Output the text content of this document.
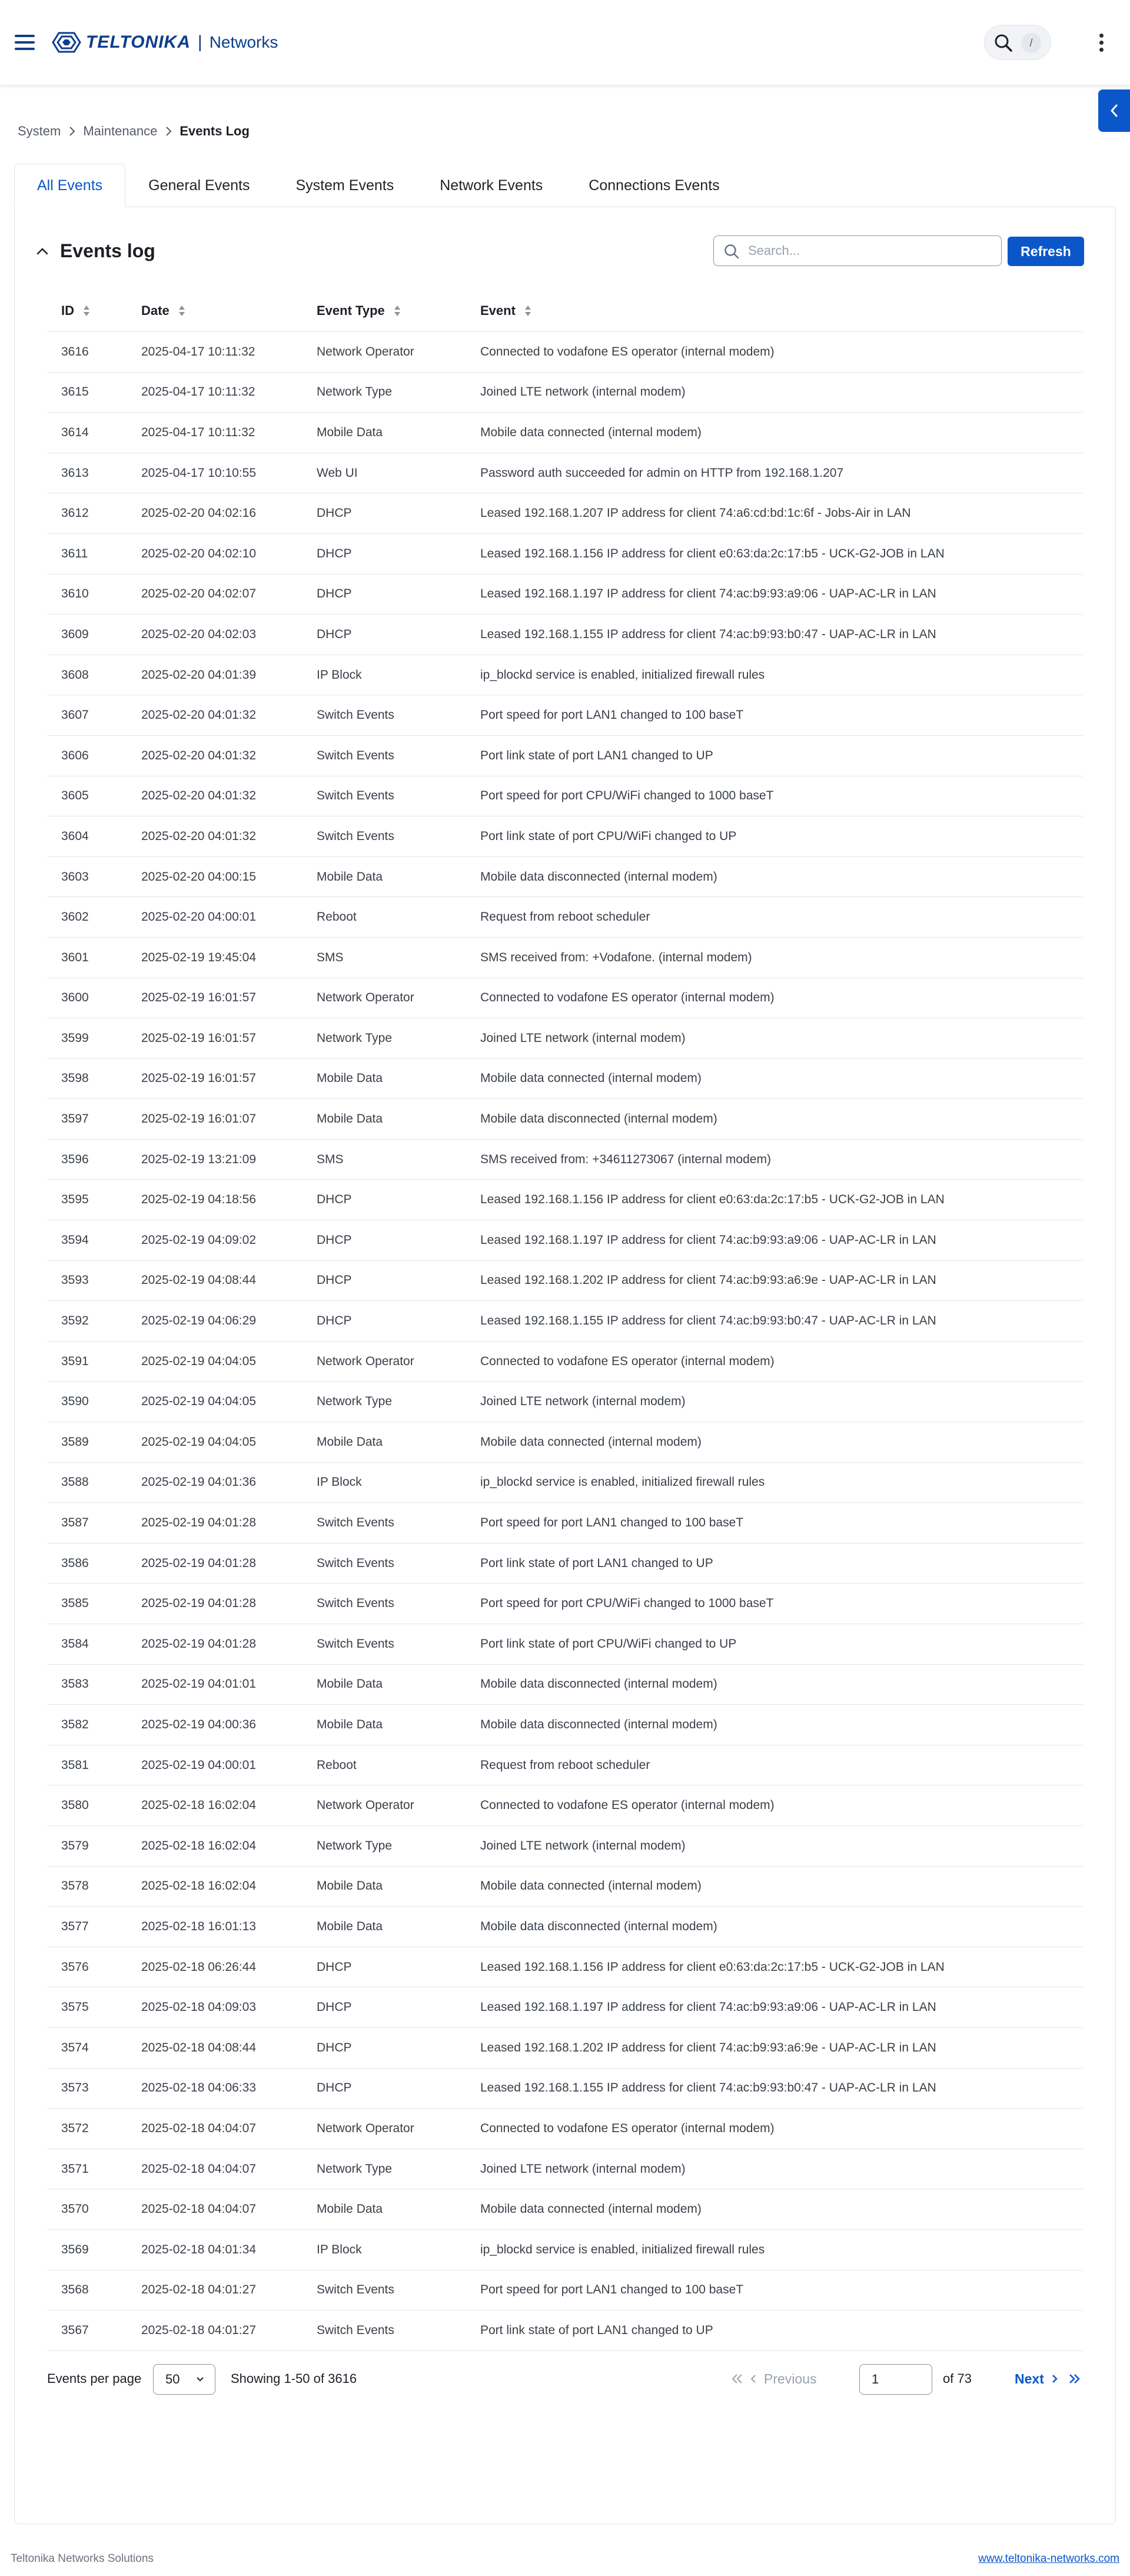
TELTONIKA | Networks	/
System Maintenance Events Log
All Events	General Events	System Events	Network Events	Connections Events
Events log
Search...	Refresh
ID	Date	Event Type	Event
3616	2025-04-17 10:11:32	Network Operator	Connected to vodafone ES operator (internal modem)
3615	2025-04-17 10:11:32	Network Type	Joined LTE network (internal modem)
3614	2025-04-17 10:11:32	Mobile Data	Mobile data connected (internal modem)
3613	2025-04-17 10:10:55	Web UI	Password auth succeeded for admin on HTTP from 192.168.1.207
3612	2025-02-20 04:02:16	DHCP	Leased 192.168.1.207 IP address for client 74:a6:cd:bd:1c:6f - Jobs-Air in LAN
3611	2025-02-20 04:02:10	DHCP	Leased 192.168.1.156 IP address for client e0:63:da:2c:17:b5 - UCK-G2-JOB in LAN
3610	2025-02-20 04:02:07	DHCP	Leased 192.168.1.197 IP address for client 74:ac:b9:93:a9:06 - UAP-AC-LR in LAN
3609	2025-02-20 04:02:03	DHCP	Leased 192.168.1.155 IP address for client 74:ac:b9:93:b0:47 - UAP-AC-LR in LAN
3608	2025-02-20 04:01:39	IP Block	ip_blockd service is enabled, initialized firewall rules
3607	2025-02-20 04:01:32	Switch Events	Port speed for port LAN1 changed to 100 baseT
3606	2025-02-20 04:01:32	Switch Events	Port link state of port LAN1 changed to UP
3605	2025-02-20 04:01:32	Switch Events	Port speed for port CPU/WiFi changed to 1000 baseT
3604	2025-02-20 04:01:32	Switch Events	Port link state of port CPU/WiFi changed to UP
3603	2025-02-20 04:00:15	Mobile Data	Mobile data disconnected (internal modem)
3602	2025-02-20 04:00:01	Reboot	Request from reboot scheduler
3601	2025-02-19 19:45:04	SMS	SMS received from: +Vodafone. (internal modem)
3600	2025-02-19 16:01:57	Network Operator	Connected to vodafone ES operator (internal modem)
3599	2025-02-19 16:01:57	Network Type	Joined LTE network (internal modem)
3598	2025-02-19 16:01:57	Mobile Data	Mobile data connected (internal modem)
3597	2025-02-19 16:01:07	Mobile Data	Mobile data disconnected (internal modem)
3596	2025-02-19 13:21:09	SMS	SMS received from: +34611273067 (internal modem)
3595	2025-02-19 04:18:56	DHCP	Leased 192.168.1.156 IP address for client e0:63:da:2c:17:b5 - UCK-G2-JOB in LAN
3594	2025-02-19 04:09:02	DHCP	Leased 192.168.1.197 IP address for client 74:ac:b9:93:a9:06 - UAP-AC-LR in LAN
3593	2025-02-19 04:08:44	DHCP	Leased 192.168.1.202 IP address for client 74:ac:b9:93:a6:9e - UAP-AC-LR in LAN
3592	2025-02-19 04:06:29	DHCP	Leased 192.168.1.155 IP address for client 74:ac:b9:93:b0:47 - UAP-AC-LR in LAN
3591	2025-02-19 04:04:05	Network Operator	Connected to vodafone ES operator (internal modem)
3590	2025-02-19 04:04:05	Network Type	Joined LTE network (internal modem)
3589	2025-02-19 04:04:05	Mobile Data	Mobile data connected (internal modem)
3588	2025-02-19 04:01:36	IP Block	ip_blockd service is enabled, initialized firewall rules
3587	2025-02-19 04:01:28	Switch Events	Port speed for port LAN1 changed to 100 baseT
3586	2025-02-19 04:01:28	Switch Events	Port link state of port LAN1 changed to UP
3585	2025-02-19 04:01:28	Switch Events	Port speed for port CPU/WiFi changed to 1000 baseT
3584	2025-02-19 04:01:28	Switch Events	Port link state of port CPU/WiFi changed to UP
3583	2025-02-19 04:01:01	Mobile Data	Mobile data disconnected (internal modem)
3582	2025-02-19 04:00:36	Mobile Data	Mobile data disconnected (internal modem)
3581	2025-02-19 04:00:01	Reboot	Request from reboot scheduler
3580	2025-02-18 16:02:04	Network Operator	Connected to vodafone ES operator (internal modem)
3579	2025-02-18 16:02:04	Network Type	Joined LTE network (internal modem)
3578	2025-02-18 16:02:04	Mobile Data	Mobile data connected (internal modem)
3577	2025-02-18 16:01:13	Mobile Data	Mobile data disconnected (internal modem)
3576	2025-02-18 06:26:44	DHCP	Leased 192.168.1.156 IP address for client e0:63:da:2c:17:b5 - UCK-G2-JOB in LAN
3575	2025-02-18 04:09:03	DHCP	Leased 192.168.1.197 IP address for client 74:ac:b9:93:a9:06 - UAP-AC-LR in LAN
3574	2025-02-18 04:08:44	DHCP	Leased 192.168.1.202 IP address for client 74:ac:b9:93:a6:9e - UAP-AC-LR in LAN
3573	2025-02-18 04:06:33	DHCP	Leased 192.168.1.155 IP address for client 74:ac:b9:93:b0:47 - UAP-AC-LR in LAN
3572	2025-02-18 04:04:07	Network Operator	Connected to vodafone ES operator (internal modem)
3571	2025-02-18 04:04:07	Network Type	Joined LTE network (internal modem)
3570	2025-02-18 04:04:07	Mobile Data	Mobile data connected (internal modem)
3569	2025-02-18 04:01:34	IP Block	ip_blockd service is enabled, initialized firewall rules
3568	2025-02-18 04:01:27	Switch Events	Port speed for port LAN1 changed to 100 baseT
3567	2025-02-18 04:01:27	Switch Events	Port link state of port LAN1 changed to UP
Events per page	50	Showing 1-50 of 3616	Previous
1	of 73	Next
Teltonika Networks Solutions	www.teltonika-networks.com
